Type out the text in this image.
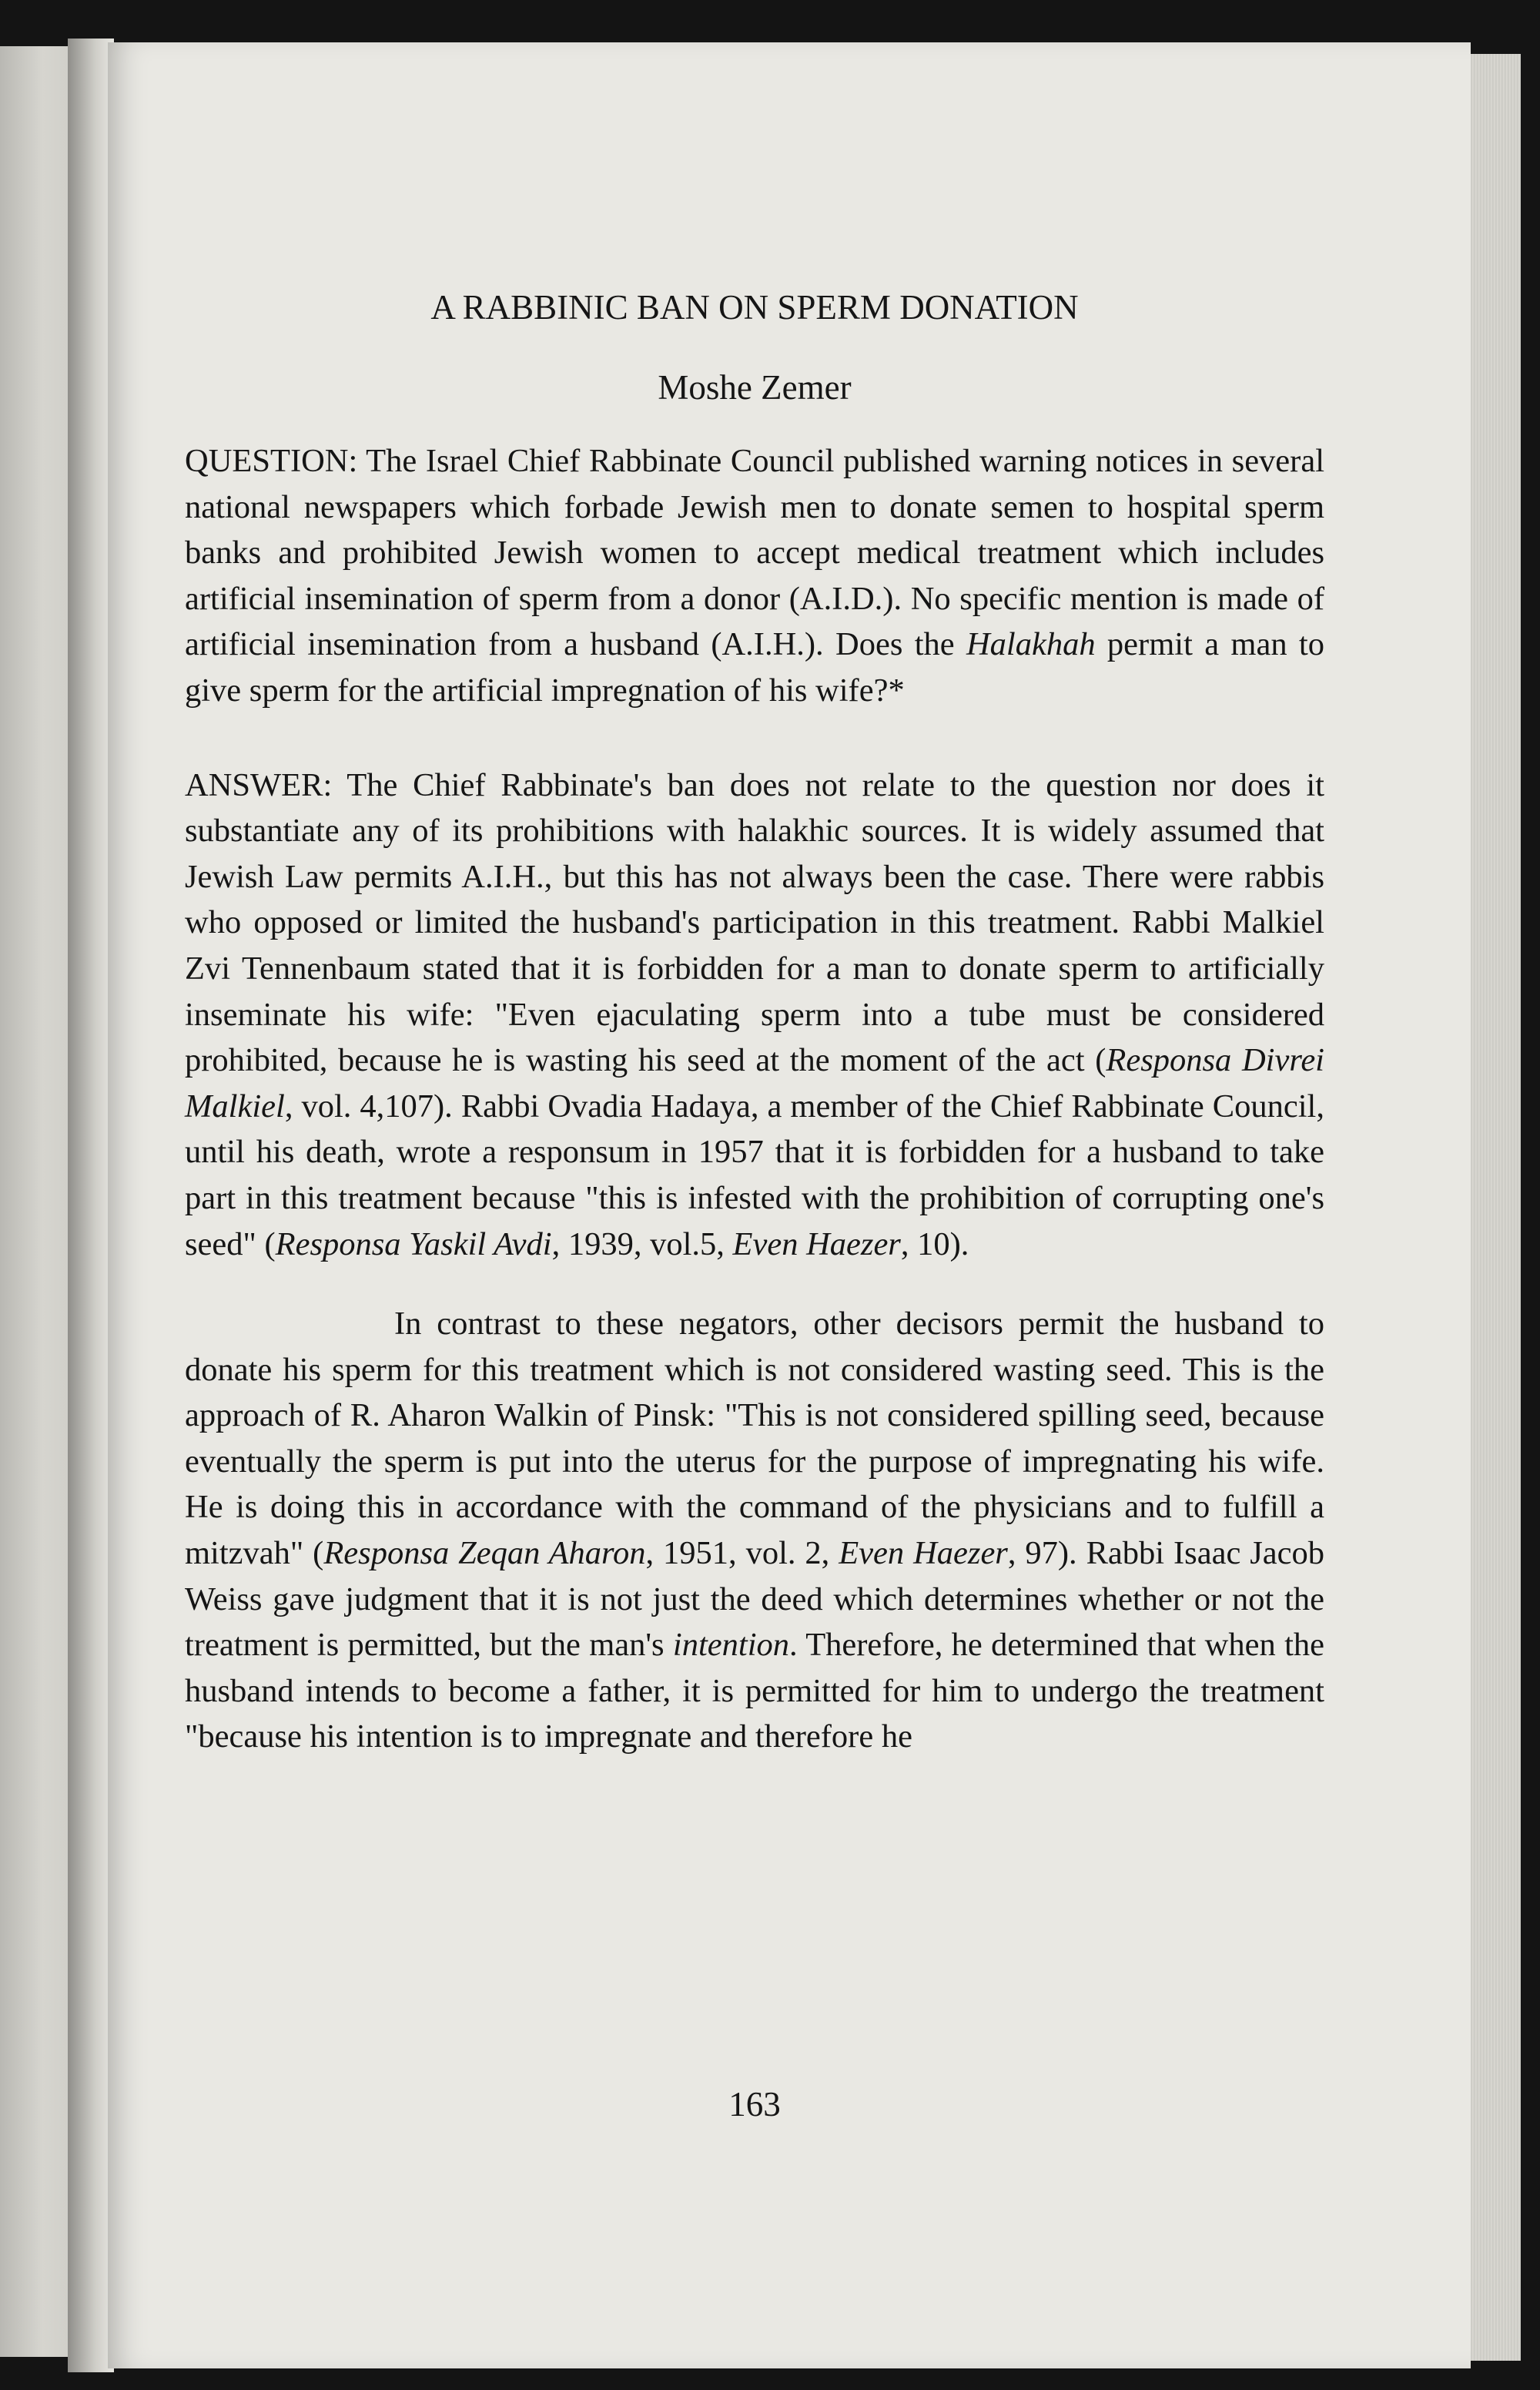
A RABBINIC BAN ON SPERM DONATION
Moshe Zemer

QUESTION: The Israel Chief Rabbinate Council published warning notices in several national newspapers which forbade Jewish men to donate semen to hospital sperm banks and prohibited Jewish women to accept medical treatment which includes artificial insemination of sperm from a donor (A.I.D.). No specific mention is made of artificial insemination from a husband (A.I.H.). Does the Halakhah permit a man to give sperm for the artificial impregnation of his wife?*

ANSWER: The Chief Rabbinate's ban does not relate to the question nor does it substantiate any of its prohibitions with halakhic sources. It is widely assumed that Jewish Law permits A.I.H., but this has not always been the case. There were rabbis who opposed or limited the husband's participation in this treatment. Rabbi Malkiel Zvi Tennenbaum stated that it is forbidden for a man to donate sperm to artificially inseminate his wife: "Even ejaculating sperm into a tube must be considered prohibited, because he is wasting his seed at the moment of the act (Responsa Divrei Malkiel, vol. 4,107). Rabbi Ovadia Hadaya, a member of the Chief Rabbinate Council, until his death, wrote a responsum in 1957 that it is forbidden for a husband to take part in this treatment because "this is infested with the prohibition of corrupting one's seed" (Responsa Yaskil Avdi, 1939, vol.5, Even Haezer, 10).

In contrast to these negators, other decisors permit the husband to donate his sperm for this treatment which is not considered wasting seed. This is the approach of R. Aharon Walkin of Pinsk: "This is not considered spilling seed, because eventually the sperm is put into the uterus for the purpose of impregnating his wife. He is doing this in accordance with the command of the physicians and to fulfill a mitzvah" (Responsa Zeqan Aharon, 1951, vol. 2, Even Haezer, 97). Rabbi Isaac Jacob Weiss gave judgment that it is not just the deed which determines whether or not the treatment is permitted, but the man's intention. Therefore, he determined that when the husband intends to become a father, it is permitted for him to undergo the treatment "because his intention is to impregnate and therefore he

163
